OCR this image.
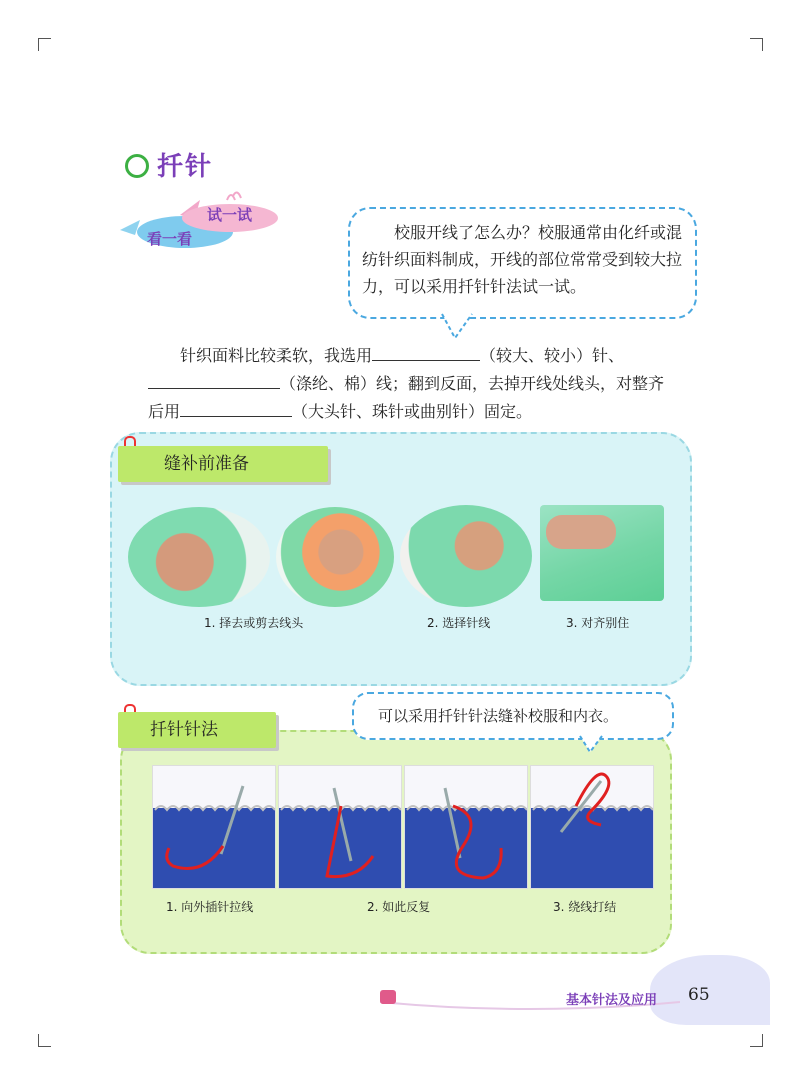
扦针
试一试
看一看	校服开线了怎么办？校服通常由化纤或混纺针织面料制成，开线的部位常常受到较大拉力，可以采用扦针针法试一试。
针织面料比较柔软，我选用	（较大、较小）针、（涤纶、棉）线；翻到反面，去掉开线处线头，对整齐后用	（大头针、珠针或曲别针）固定。
缝补前准备
1. 择去或剪去线头	2. 选择针线	3. 对齐别住
扦针针法
可以采用扦针针法缝补校服和内衣。
1. 向外插针拉线	2. 如此反复	3. 绕线打结
基本针法及应用 65
